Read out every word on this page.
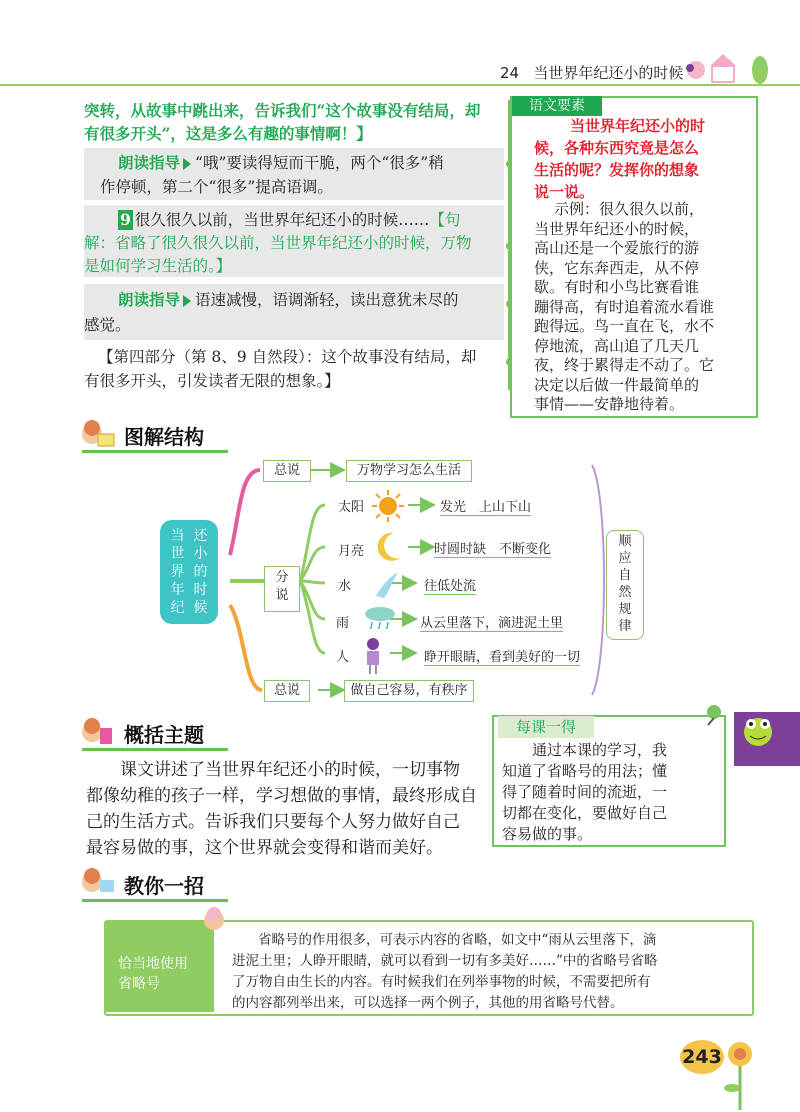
24 当世界年纪还小的时候
突转，从故事中跳出来，告诉我们“这个故事没有结局，却
有很多开头”，这是多么有趣的事情啊！】
朗读指导 “哦”要读得短而干脆，两个“很多”稍
作停顿，第二个“很多”提高语调。
9 很久很久以前，当世界年纪还小的时候……【句
解：省略了很久很久以前，当世界年纪还小的时候，万物
是如何学习生活的。】
朗读指导 语速减慢，语调渐轻，读出意犹未尽的
感觉。
【第四部分（第 8、9 自然段）：这个故事没有结局，却
有很多开头，引发读者无限的想象。】
语文要素
当世界年纪还小的时
候，各种东西究竟是怎么
生活的呢？发挥你的想象
说一说。
示例：很久很久以前，
当世界年纪还小的时候，
高山还是一个爱旅行的游
侠，它东奔西走，从不停
歇。有时和小鸟比赛看谁
蹦得高，有时追着流水看谁
跑得远。鸟一直在飞，水不
停地流，高山追了几天几
夜，终于累得走不动了。它
图解结构
当 还
世 小
界 的
年 时
纪 候
总说	万物学习怎么生活
分
说
太阳	发光　上山下山
月亮	时圆时缺　不断变化
水	往低处流
雨	从云里落下，滴进泥土里
人	睁开眼睛，看到美好的一切
总说	做自己容易，有秩序
顺
应
自
然
规
律
概括主题
课文讲述了当世界年纪还小的时候，一切事物
都像幼稚的孩子一样，学习想做的事情，最终形成自
己的生活方式。告诉我们只要每个人努力做好自己
最容易做的事，这个世界就会变得和谐而美好。
每课一得
通过本课的学习，我
知道了省略号的用法；懂
得了随着时间的流逝，一
切都在变化，要做好自己
容易做的事。
教你一招
恰当地使用
省略号
省略号的作用很多，可表示内容的省略，如文中“雨从云里落下，滴
进泥土里；人睁开眼睛，就可以看到一切有多美好……”中的省略号省略
了万物自由生长的内容。有时候我们在列举事物的时候，不需要把所有
的内容都列举出来，可以选择一两个例子，其他的用省略号代替。
243
决定以后做一件最简单的
事情——安静地待着。
